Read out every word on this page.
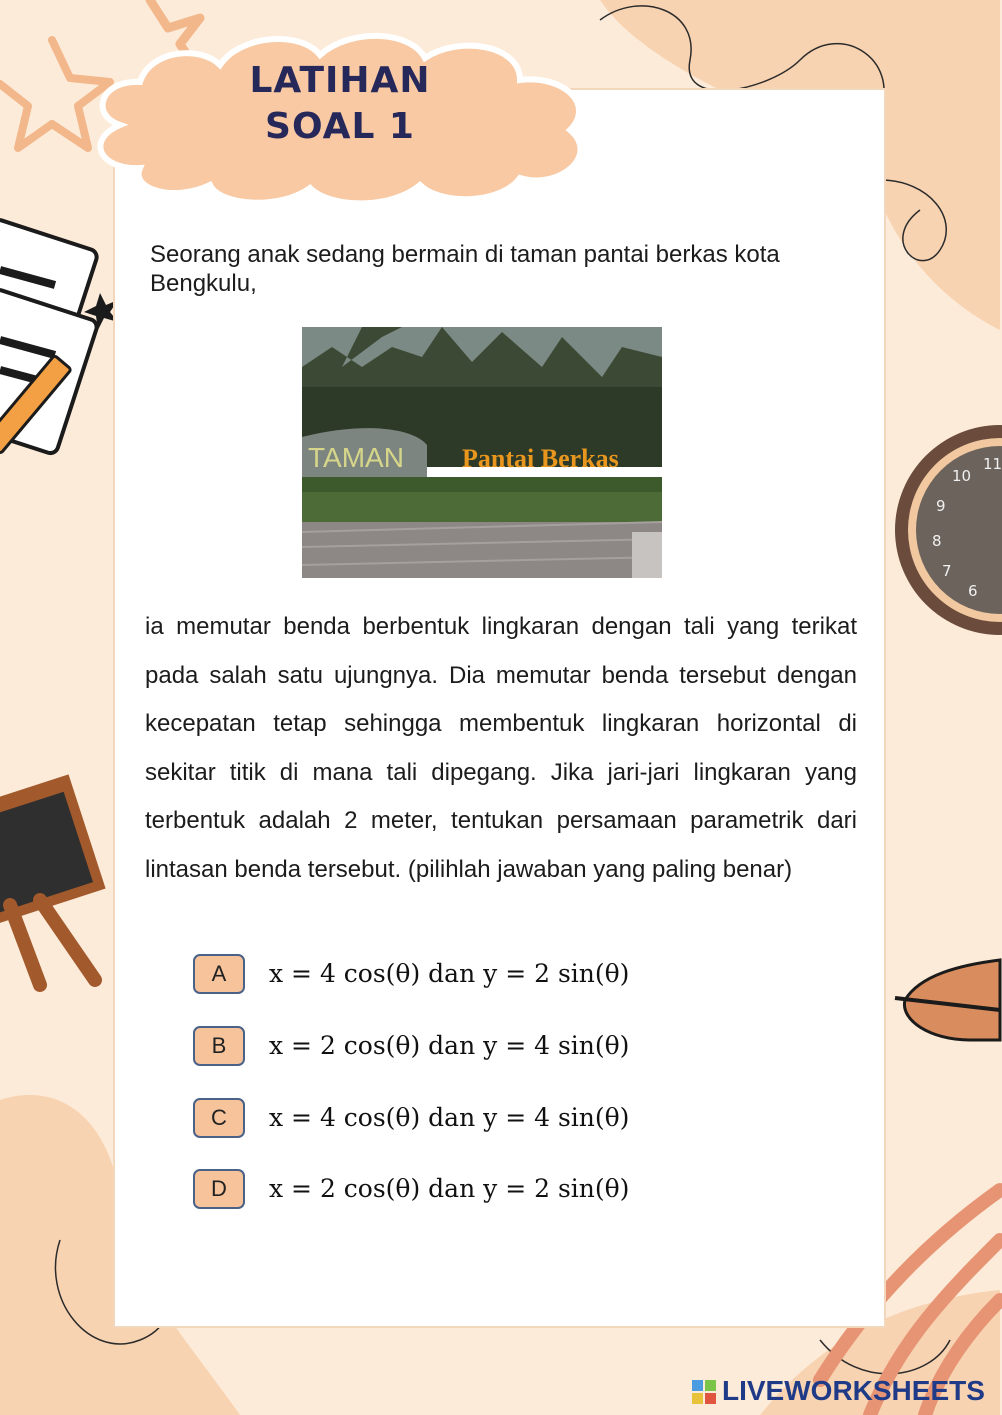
11
10
9
8
7
6
LATIHAN
SOAL 1
Seorang anak sedang bermain di taman pantai berkas kota Bengkulu,
TAMAN Pantai Berkas
ia memutar benda berbentuk lingkaran dengan tali yang terikat pada salah satu ujungnya. Dia memutar benda tersebut dengan kecepatan tetap sehingga membentuk lingkaran horizontal di sekitar titik di mana tali dipegang. Jika jari-jari lingkaran yang terbentuk adalah 2 meter, tentukan persamaan parametrik dari lintasan benda tersebut. (pilihlah jawaban yang paling benar)
A	x = 4 cos(θ) dan y = 2 sin(θ)
B	x = 2 cos(θ) dan y = 4 sin(θ)
C	x = 4 cos(θ) dan y = 4 sin(θ)
D	x = 2 cos(θ) dan y = 2 sin(θ)
LIVEWORKSHEETS
